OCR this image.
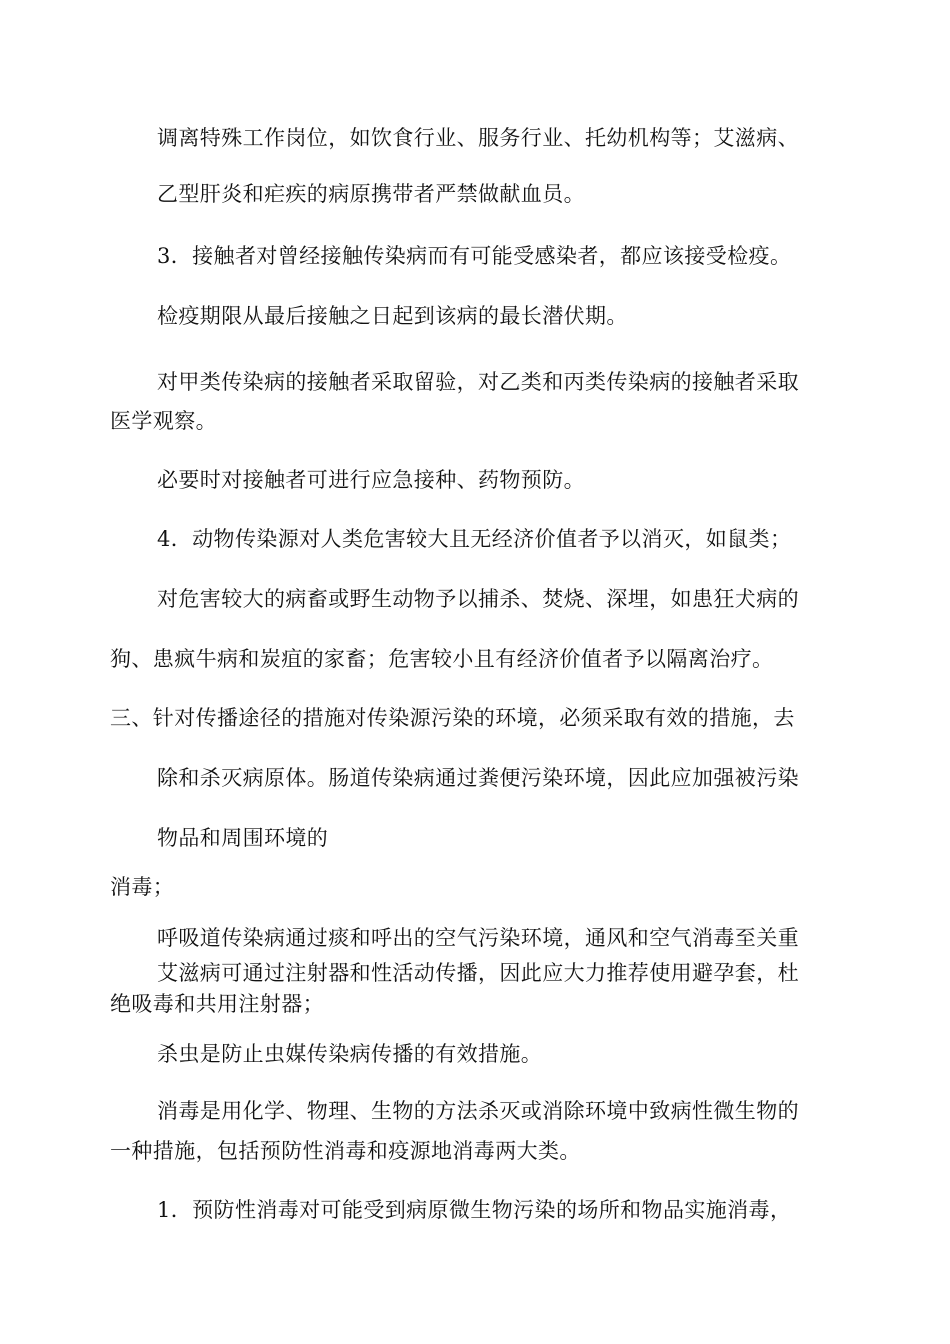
调离特殊工作岗位，如饮食行业、服务行业、托幼机构等；艾滋病、

乙型肝炎和疟疾的病原携带者严禁做献血员。

3．接触者对曾经接触传染病而有可能受感染者，都应该接受检疫。

检疫期限从最后接触之日起到该病的最长潜伏期。

对甲类传染病的接触者采取留验，对乙类和丙类传染病的接触者采取

医学观察。

必要时对接触者可进行应急接种、药物预防。

4．动物传染源对人类危害较大且无经济价值者予以消灭，如鼠类；

对危害较大的病畜或野生动物予以捕杀、焚烧、深埋，如患狂犬病的

狗、患疯牛病和炭疽的家畜；危害较小且有经济价值者予以隔离治疗。

三、针对传播途径的措施对传染源污染的环境，必须采取有效的措施，去

除和杀灭病原体。肠道传染病通过粪便污染环境，因此应加强被污染

物品和周围环境的

消毒；

呼吸道传染病通过痰和呼出的空气污染环境，通风和空气消毒至关重

艾滋病可通过注射器和性活动传播，因此应大力推荐使用避孕套，杜

绝吸毒和共用注射器；

杀虫是防止虫媒传染病传播的有效措施。

消毒是用化学、物理、生物的方法杀灭或消除环境中致病性微生物的

一种措施，包括预防性消毒和疫源地消毒两大类。

1．预防性消毒对可能受到病原微生物污染的场所和物品实施消毒，
